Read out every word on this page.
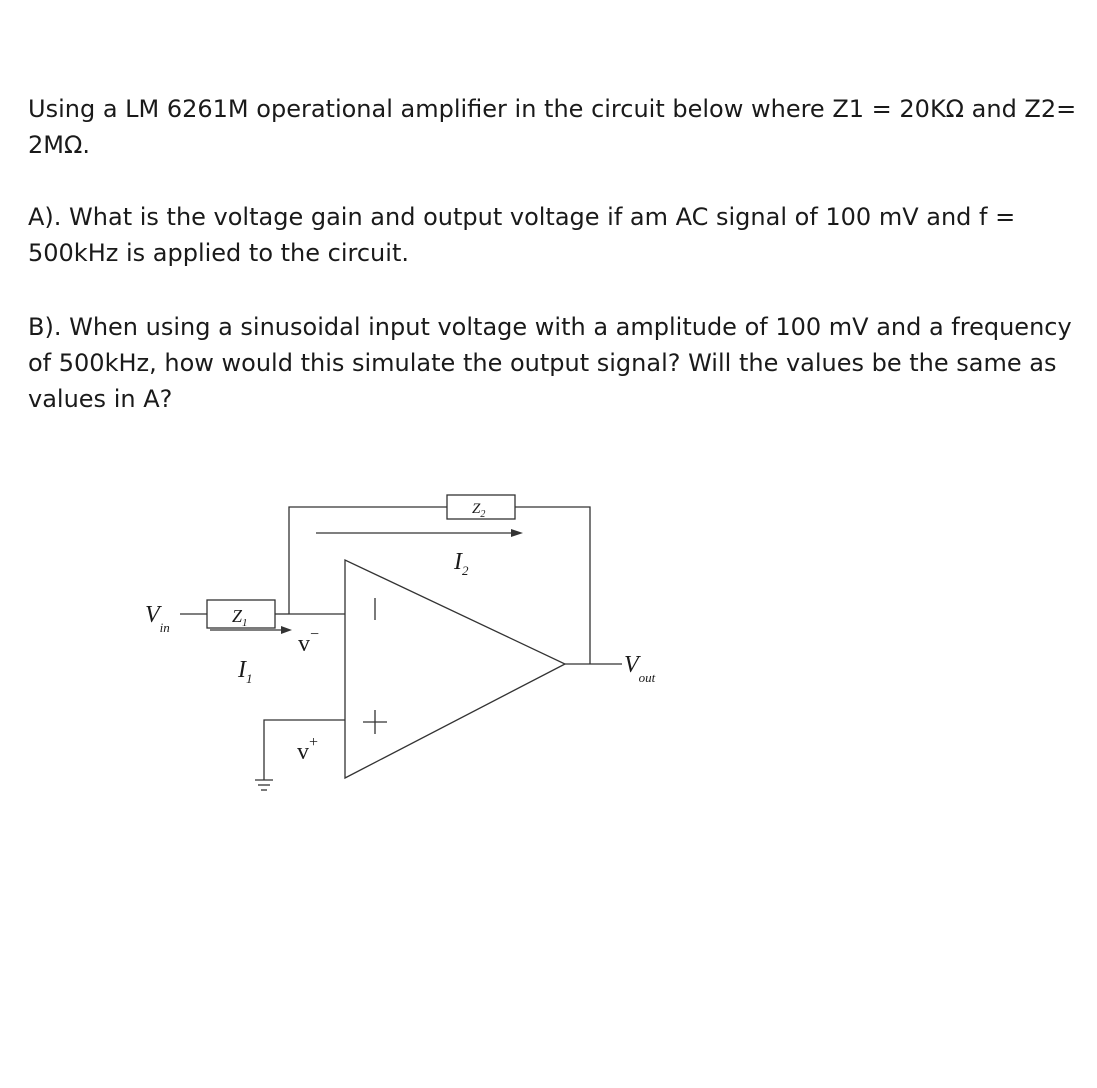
Using a LM 6261M operational amplifier in the circuit below where Z1 = 20KΩ and Z2= 2MΩ.

A). What is the voltage gain and output voltage if am AC signal of 100 mV and f = 500kHz is applied to the circuit.

B). When using a sinusoidal input voltage with a amplitude of 100 mV and a frequency of 500kHz, how would this simulate the output signal? Will the values be the same as values in A?

$Z_2$
$I_2$
$Z_1$
$I_1$
$V_{in}$
$V_{out}$
v−
v+
